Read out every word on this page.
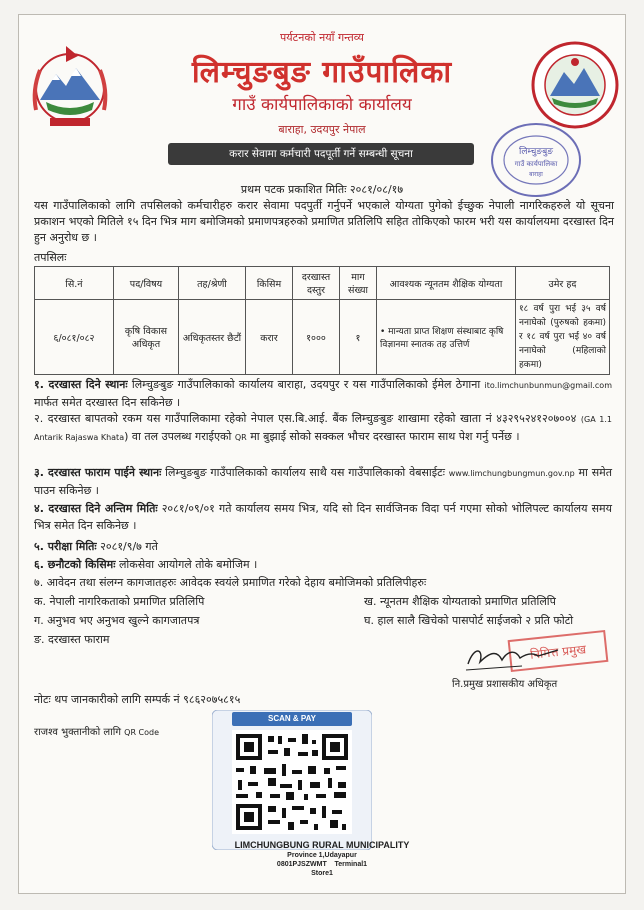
लिम्चुङबुङ
गाउँ कार्यपालिका
बाराहा
पर्यटनको नयाँ गन्तव्य
लिम्चुङबुङ गाउँपालिका
गाउँ कार्यपालिकाको कार्यालय
बाराहा, उदयपुर नेपाल
करार सेवामा कर्मचारी पदपूर्ती गर्ने सम्बन्धी सूचना
प्रथम पटक प्रकाशित मितिः २०८१/०८/१७
यस गाउँपालिकाको लागि तपसिलको कर्मचारीहरु करार सेवामा पदपुर्ती गर्नुपर्ने भएकाले योग्यता पुगेको ईच्छुक नेपाली नागरिकहरुले यो सूचना प्रकाशन भएको मितिले १५ दिन भित्र माग बमोजिमको प्रमाणपत्रहरुको प्रमाणित प्रतिलिपि सहित तोकिएको फारम भरी यस कार्यालयमा दरखास्त दिन हुन अनुरोध छ ।
तपसिलः
सि.नं	पद/विषय	तह/श्रेणी	किसिम	दरखास्त दस्तुर	माग संख्या	आवश्यक न्यूनतम शैक्षिक योग्यता	उमेर हद
६/०८१/०८२	कृषि विकास अधिकृत	अधिकृतस्तर छैटौं	करार	१०००	१	• मान्यता प्राप्त शिक्षण संस्थाबाट कृषि विज्ञानमा स्नातक तह उत्तिर्ण	१८ वर्ष पुरा भई ३५ वर्ष ननाघेको (पुरुषको हकमा) र १८ वर्ष पुरा भई ४० वर्ष ननाघेको (महिलाको हकमा)
१. दरखास्त दिने स्थानः लिम्चुङबुङ गाउँपालिकाको कार्यालय बाराहा, उदयपुर र यस गाउँपालिकाको ईमेल ठेगाना ito.limchunbunmun@gmail.com मार्फत समेत दरखास्त दिन सकिनेछ ।
२. दरखास्त बापतको रकम यस गाउँपालिकामा रहेको नेपाल एस.बि.आई. बैंक लिम्चुङबुङ शाखामा रहेको खाता नं ४३२९५२४१२०७००४ (GA 1.1 Antarik Rajaswa Khata) वा तल उपलब्ध गराईएको QR मा बुझाई सोको सक्कल भौचर दरखास्त फाराम साथ पेश गर्नु पर्नेछ ।
३. दरखास्त फाराम पाईने स्थानः लिम्चुङबुङ गाउँपालिकाको कार्यालय साथै यस गाउँपालिकाको वेबसाईटः www.limchungbungmun.gov.np मा समेत पाउन सकिनेछ ।
४. दरखास्त दिने अन्तिम मितिः २०८१/०९/०१ गते कार्यालय समय भित्र, यदि सो दिन सार्वजिनक विदा पर्न गएमा सोको भोलिपल्ट कार्यालय समय भित्र समेत दिन सकिनेछ ।
५. परीक्षा मितिः २०८१/९/७ गते
६. छनौटको किसिमः लोकसेवा आयोगले तोके बमोजिम ।
७. आवेदन तथा संलग्न कागजातहरुः आवेदक स्वयंले प्रमाणित गरेको देहाय बमोजिमको प्रतिलिपीहरुः
क. नेपाली नागरिकताको प्रमाणित प्रतिलिपि	ख. न्यूनतम शैक्षिक योग्यताको प्रमाणित प्रतिलिपि
ग. अनुभव भए अनुभव खुल्ने कागजातपत्र	घ. हाल सालै खिचेको पासपोर्ट साईजको २ प्रति फोटो
ङ. दरखास्त फाराम
निमित्त प्रमुख
नि.प्रमुख प्रशासकीय अधिकृत
नोटः थप जानकारीको लागि सम्पर्क नं ९८६२०७५८१५
राजश्व भुक्तानीको लागि QR Code
SCAN & PAY
LIMCHUNGBUNG RURAL MUNICIPALITY
Province 1,Udayapur
0801PJSZWMT Terminal1
Store1
